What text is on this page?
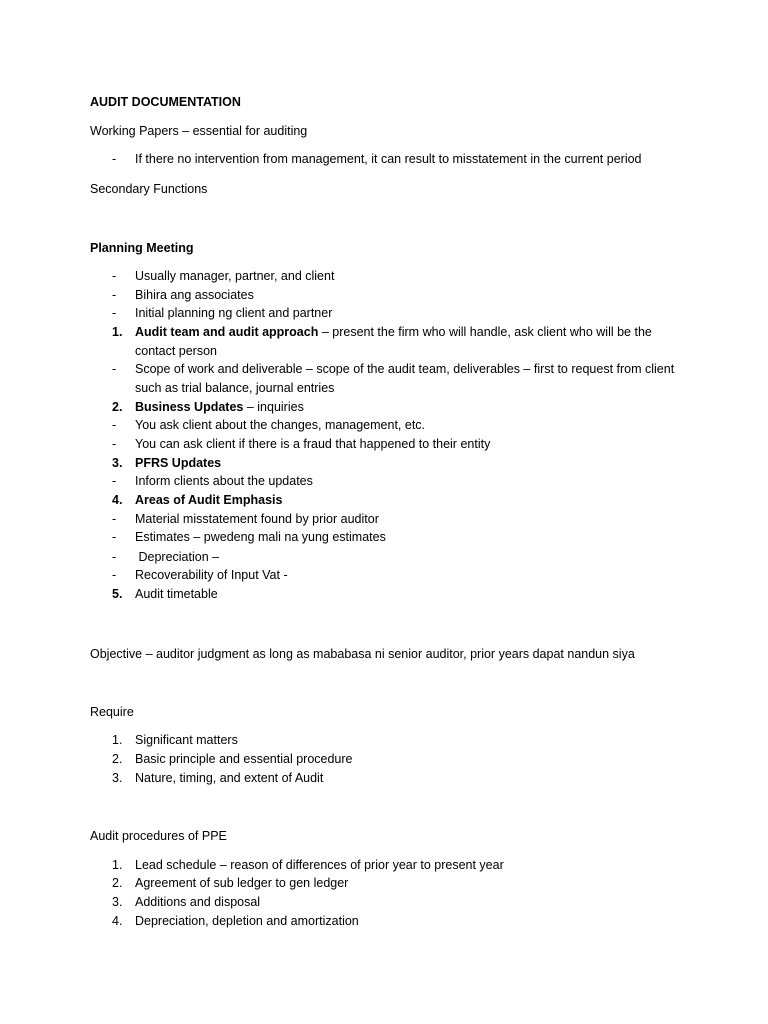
AUDIT DOCUMENTATION
Working Papers – essential for auditing
-	If there no intervention from management, it can result to misstatement in the current period
Secondary Functions
Planning Meeting
-	Usually manager, partner, and client
-	Bihira ang associates
-	Initial planning ng client and partner
1.	Audit team and audit approach – present the firm who will handle, ask client who will be the contact person
-	Scope of work and deliverable – scope of the audit team, deliverables – first to request from client such as trial balance, journal entries
2.	Business Updates – inquiries
-	You ask client about the changes, management, etc.
-	You can ask client if there is a fraud that happened to their entity
3.	PFRS Updates
-	Inform clients about the updates
4.	Areas of Audit Emphasis
-	Material misstatement found by prior auditor
-	Estimates – pwedeng mali na yung estimates
-	Depreciation –
-	Recoverability of Input Vat -
5.	Audit timetable
Objective – auditor judgment as long as mababasa ni senior auditor, prior years dapat nandun siya
Require
1.	Significant matters
2.	Basic principle and essential procedure
3.	Nature, timing, and extent of Audit
Audit procedures of PPE
1.	Lead schedule – reason of differences of prior year to present year
2.	Agreement of sub ledger to gen ledger
3.	Additions and disposal
4.	Depreciation, depletion and amortization
